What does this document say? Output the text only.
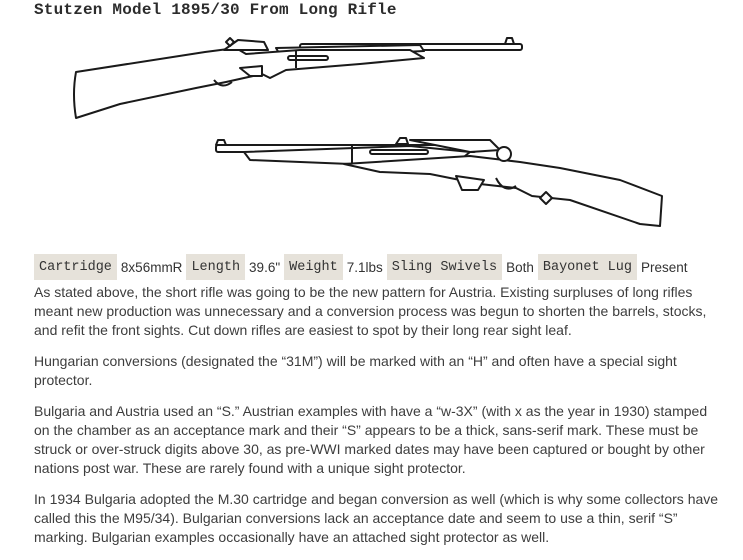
Stutzen Model 1895/30 From Long Rifle
Cartridge 8x56mmR Length 39.6" Weight 7.1lbs Sling Swivels Both Bayonet Lug Present

As stated above, the short rifle was going to be the new pattern for Austria. Existing surpluses of long rifles meant new production was unnecessary and a conversion process was begun to shorten the barrels, stocks, and refit the front sights. Cut down rifles are easiest to spot by their long rear sight leaf.

Hungarian conversions (designated the “31M”) will be marked with an “H” and often have a special sight protector.

Bulgaria and Austria used an “S.” Austrian examples with have a “w-3X” (with x as the year in 1930) stamped on the chamber as an acceptance mark and their “S” appears to be a thick, sans-serif mark. These must be struck or over-struck digits above 30, as pre-WWI marked dates may have been captured or bought by other nations post war. These are rarely found with a unique sight protector.

In 1934 Bulgaria adopted the M.30 cartridge and began conversion as well (which is why some collectors have called this the M95/34). Bulgarian conversions lack an acceptance date and seem to use a thin, serif “S” marking. Bulgarian examples occasionally have an attached sight protector as well.
